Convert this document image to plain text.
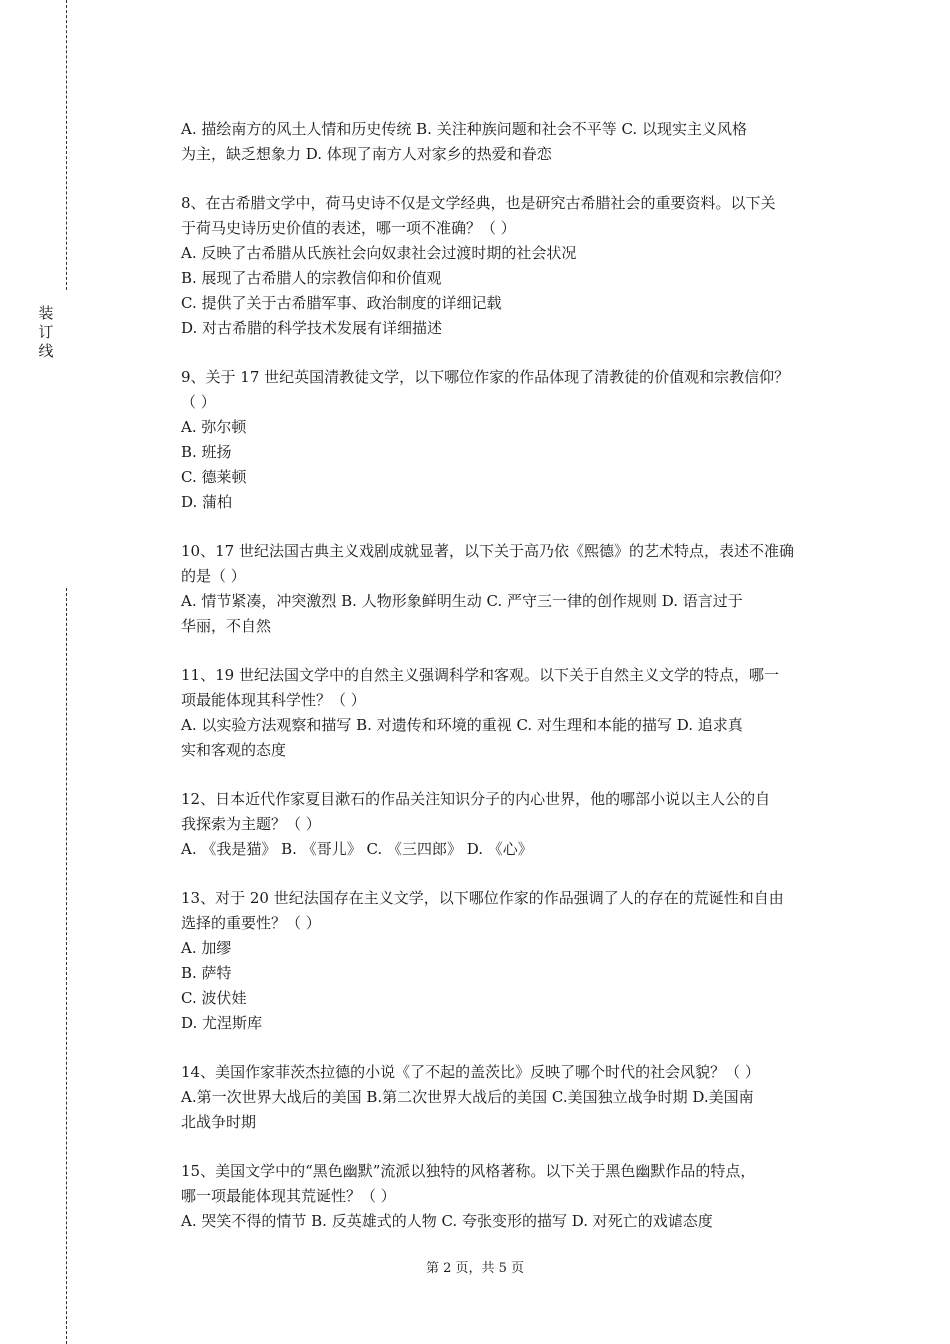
装
订
线
A. 描绘南方的风土人情和历史传统 B. 关注种族问题和社会不平等 C. 以现实主义风格
为主，缺乏想象力 D. 体现了南方人对家乡的热爱和眷恋
8、在古希腊文学中，荷马史诗不仅是文学经典，也是研究古希腊社会的重要资料。以下关
于荷马史诗历史价值的表述，哪一项不准确？（ ）
A. 反映了古希腊从氏族社会向奴隶社会过渡时期的社会状况
B. 展现了古希腊人的宗教信仰和价值观
C. 提供了关于古希腊军事、政治制度的详细记载
D. 对古希腊的科学技术发展有详细描述
9、关于 17 世纪英国清教徒文学，以下哪位作家的作品体现了清教徒的价值观和宗教信仰？
（ ）
A. 弥尔顿
B. 班扬
C. 德莱顿
D. 蒲柏
10、17 世纪法国古典主义戏剧成就显著，以下关于高乃依《熙德》的艺术特点，表述不准确
的是（ ）
A. 情节紧凑，冲突激烈 B. 人物形象鲜明生动 C. 严守三一律的创作规则 D. 语言过于
华丽，不自然
11、19 世纪法国文学中的自然主义强调科学和客观。以下关于自然主义文学的特点，哪一
项最能体现其科学性？（ ）
A. 以实验方法观察和描写 B. 对遗传和环境的重视 C. 对生理和本能的描写 D. 追求真
实和客观的态度
12、日本近代作家夏目漱石的作品关注知识分子的内心世界，他的哪部小说以主人公的自
我探索为主题？（ ）
A. 《我是猫》 B. 《哥儿》 C. 《三四郎》 D. 《心》
13、对于 20 世纪法国存在主义文学，以下哪位作家的作品强调了人的存在的荒诞性和自由
选择的重要性？（ ）
A. 加缪
B. 萨特
C. 波伏娃
D. 尤涅斯库
14、美国作家菲茨杰拉德的小说《了不起的盖茨比》反映了哪个时代的社会风貌？（ ）
A.第一次世界大战后的美国 B.第二次世界大战后的美国 C.美国独立战争时期 D.美国南
北战争时期
15、美国文学中的“黑色幽默”流派以独特的风格著称。以下关于黑色幽默作品的特点，
哪一项最能体现其荒诞性？（ ）
A. 哭笑不得的情节 B. 反英雄式的人物 C. 夸张变形的描写 D. 对死亡的戏谑态度
第 2 页，共 5 页
